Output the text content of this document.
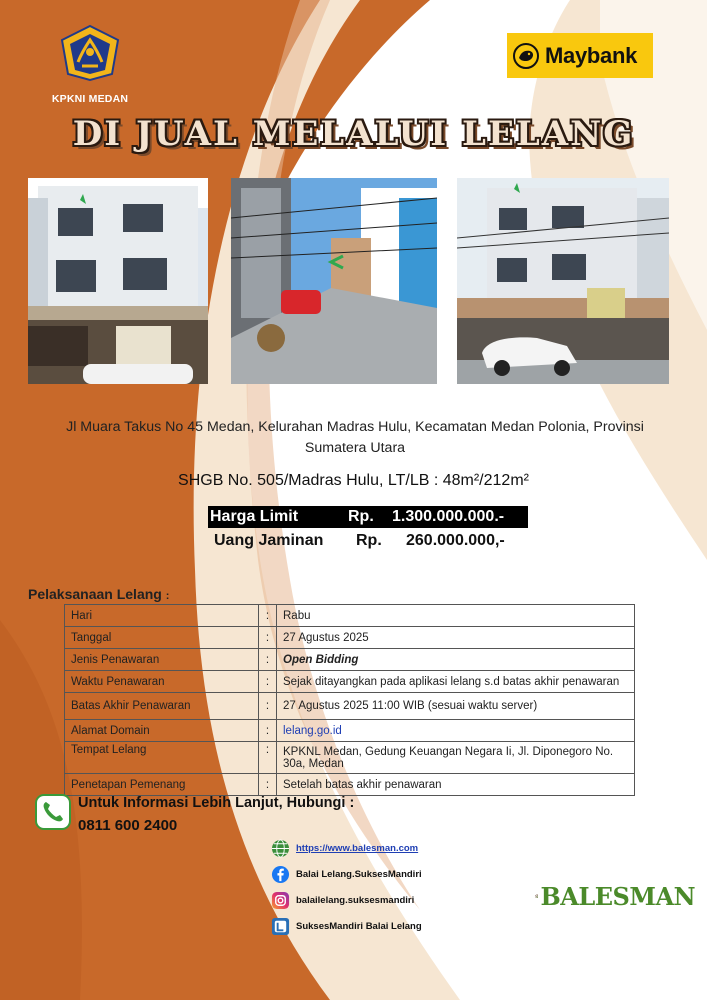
KPKNI MEDAN
Maybank
DI JUAL MELALUI LELANG
Jl Muara Takus No 45 Medan, Kelurahan Madras Hulu, Kecamatan Medan Polonia, Provinsi
Sumatera Utara
SHGB No. 505/Madras Hulu, LT/LB : 48m²/212m²
Harga Limit	Rp.	1.300.000.000.-
Uang Jaminan	Rp.	260.000.000,-
Pelaksanaan Lelang :
Hari	:	Rabu
Tanggal	:	27 Agustus 2025
Jenis Penawaran	:	Open Bidding
Waktu Penawaran	:	Sejak ditayangkan pada aplikasi lelang s.d batas akhir penawaran
Batas Akhir Penawaran	:	27 Agustus 2025 11:00 WIB (sesuai waktu server)
Alamat Domain	:	lelang.go.id
Tempat Lelang	:	KPKNL Medan, Gedung Keuangan Negara Ii, Jl. Diponegoro No. 30a, Medan
Penetapan Pemenang	:	Setelah batas akhir penawaran
Untuk Informasi Lebih Lanjut, Hubungi :
0811 600 2400
https://www.balesman.com
Balai Lelang.SuksesMandiri
balailelang.suksesmandiri
SuksesMandiri Balai Lelang
BALESMAN
